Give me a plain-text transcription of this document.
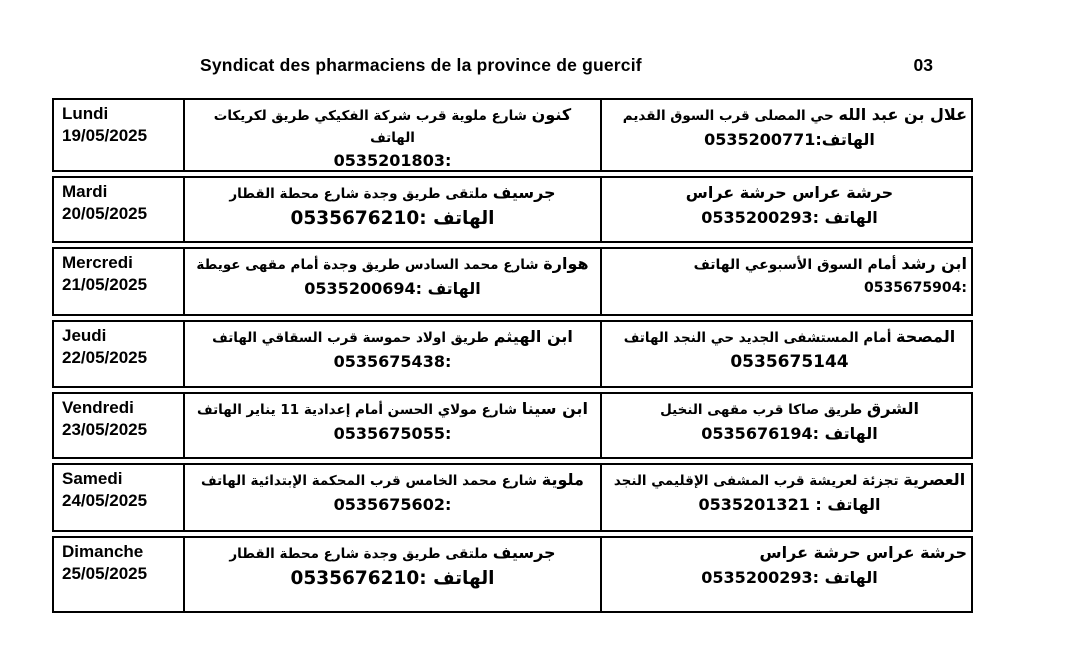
Syndicat des pharmaciens de la province de guercif	03
Lundi
19/05/2025
كنون شارع ملوية قرب شركة الفكيكي طريق لكريكات الهاتف
:0535201803
علال بن عبد الله حي المصلى قرب السوق القديم
الهاتف:0535200771
Mardi
20/05/2025
جرسيف ملتقى طريق وجدة شارع محطة القطار
الهاتف :0535676210
حرشة عراس حرشة عراس
الهاتف :0535200293
Mercredi
21/05/2025
هوارة شارع محمد السادس طريق وجدة أمام مقهى عويطة
الهاتف :0535200694
ابن رشد أمام السوق الأسبوعي الهاتف :0535675904
Jeudi
22/05/2025
ابن الهيثم طريق اولاد حموسة قرب السقاقي الهاتف
:0535675438
المصحة أمام المستشفى الجديد حي النجد الهاتف
0535675144
Vendredi
23/05/2025
ابن سينا شارع مولاي الحسن أمام إعدادية 11 يناير الهاتف
:0535675055
الشرق طريق صاكا قرب مقهى النخيل
الهاتف :0535676194
Samedi
24/05/2025
ملوية شارع محمد الخامس قرب المحكمة الإبتدائية الهاتف
:0535675602
العصرية تجزئة لعريشة قرب المشفى الإقليمي النجد
الهاتف : 0535201321
Dimanche
25/05/2025
جرسيف ملتقى طريق وجدة شارع محطة القطار
الهاتف :0535676210
حرشة عراس حرشة عراس
الهاتف :0535200293
